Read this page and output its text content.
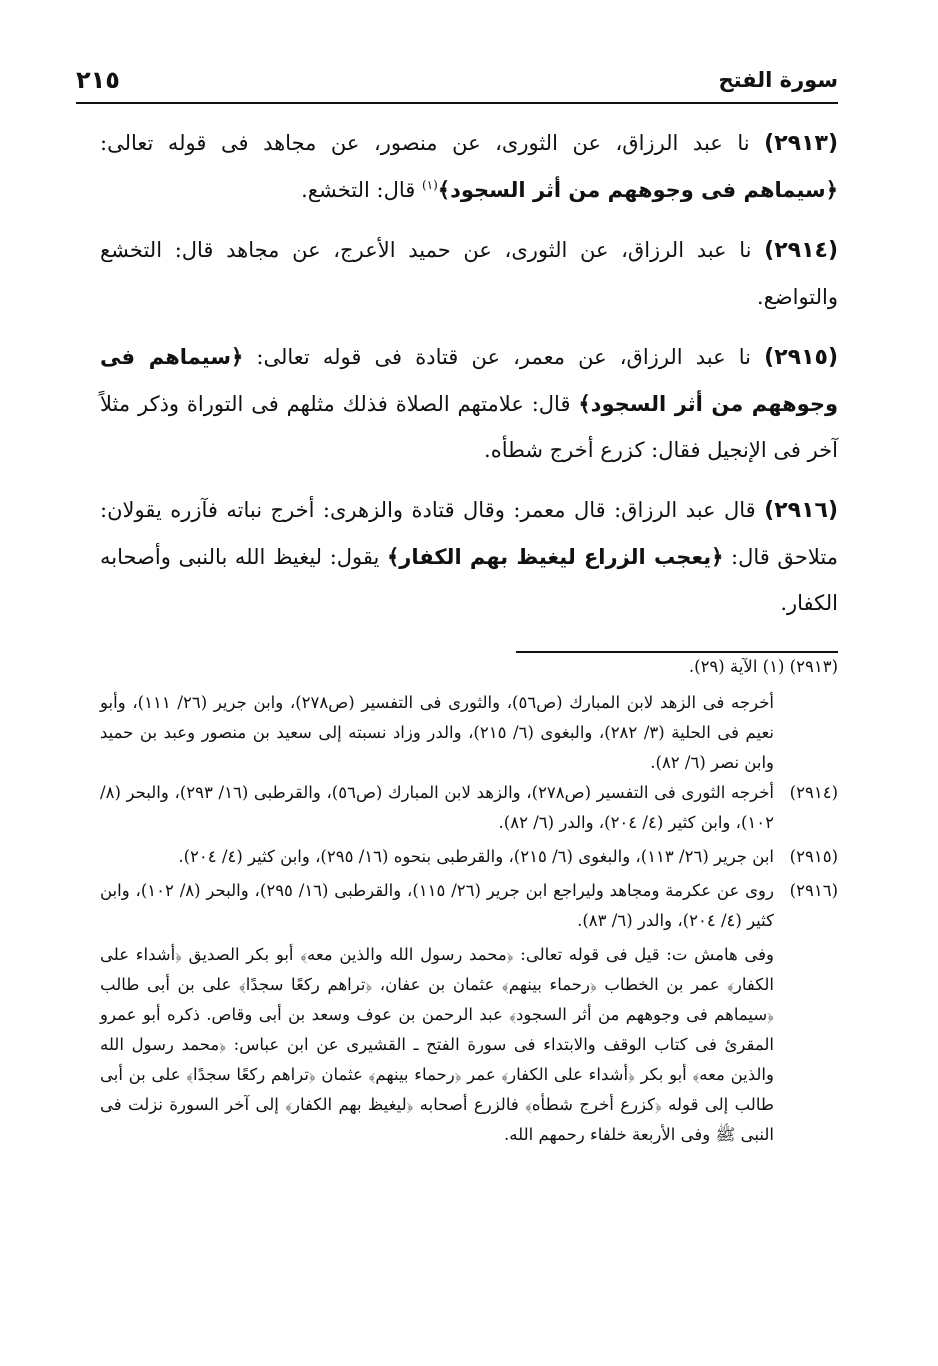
سورة الفتح
٢١٥

(٢٩١٣) نا عبد الرزاق، عن الثورى، عن منصور، عن مجاهد فى قوله تعالى: ﴿سيماهم فى وجوههم من أثر السجود﴾$^{(١)}$ قال: التخشع.

(٢٩١٤) نا عبد الرزاق، عن الثورى، عن حميد الأعرج، عن مجاهد قال: التخشع والتواضع.

(٢٩١٥) نا عبد الرزاق، عن معمر، عن قتادة فى قوله تعالى: ﴿سيماهم فى وجوههم من أثر السجود﴾ قال: علامتهم الصلاة فذلك مثلهم فى التوراة وذكر مثلاً آخر فى الإنجيل فقال: كزرع أخرج شطأه.

(٢٩١٦) قال عبد الرزاق: قال معمر: وقال قتادة والزهرى: أخرج نباته فآزره يقولان: متلاحق قال: ﴿يعجب الزراع ليغيظ بهم الكفار﴾ يقول: ليغيظ الله بالنبى وأصحابه الكفار.

(٢٩١٣) (١) الآية (٢٩).
أخرجه فى الزهد لابن المبارك (ص٥٦)، والثورى فى التفسير (ص٢٧٨)، وابن جرير (٢٦/ ١١١)، وأبو نعيم فى الحلية (٣/ ٢٨٢)، والبغوى (٦/ ٢١٥)، والدر وزاد نسبته إلى سعيد بن منصور وعبد بن حميد وابن نصر (٦/ ٨٢).
(٢٩١٤)
أخرجه الثورى فى التفسير (ص٢٧٨)، والزهد لابن المبارك (ص٥٦)، والقرطبى (١٦/ ٢٩٣)، والبحر (٨/ ١٠٢)، وابن كثير (٤/ ٢٠٤)، والدر (٦/ ٨٢).
(٢٩١٥)
ابن جرير (٢٦/ ١١٣)، والبغوى (٦/ ٢١٥)، والقرطبى بنحوه (١٦/ ٢٩٥)، وابن كثير (٤/ ٢٠٤).
(٢٩١٦)
روى عن عكرمة ومجاهد وليراجع ابن جرير (٢٦/ ١١٥)، والقرطبى (١٦/ ٢٩٥)، والبحر (٨/ ١٠٢)، وابن كثير (٤/ ٢٠٤)، والدر (٦/ ٨٣).
وفى هامش ت: قيل فى قوله تعالى: ﴿محمد رسول الله والذين معه﴾ أبو بكر الصديق ﴿أشداء على الكفار﴾ عمر بن الخطاب ﴿رحماء بينهم﴾ عثمان بن عفان، ﴿تراهم ركعًا سجدًا﴾ على بن أبى طالب ﴿سيماهم فى وجوههم من أثر السجود﴾ عبد الرحمن بن عوف وسعد بن أبى وقاص. ذكره أبو عمرو المقرئ فى كتاب الوقف والابتداء فى سورة الفتح ـ القشيرى عن ابن عباس: ﴿محمد رسول الله والذين معه﴾ أبو بكر ﴿أشداء على الكفار﴾ عمر ﴿رحماء بينهم﴾ عثمان ﴿تراهم ركعًا سجدًا﴾ على بن أبى طالب إلى قوله ﴿كزرع أخرج شطأه﴾ فالزرع أصحابه ﴿ليغيظ بهم الكفار﴾ إلى آخر السورة نزلت فى النبى ﷺ وفى الأربعة خلفاء رحمهم الله.
